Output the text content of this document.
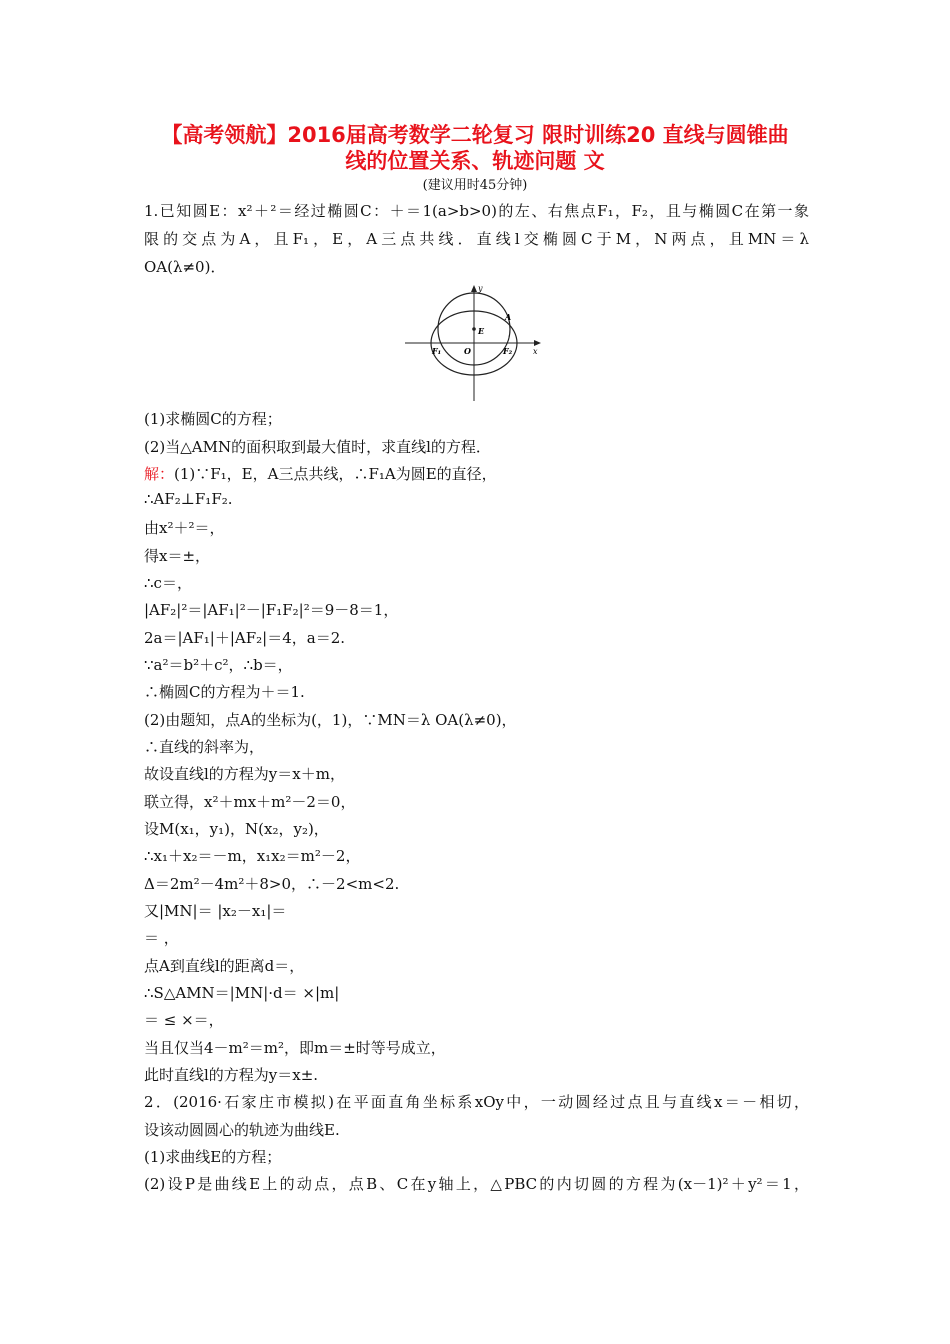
【高考领航】2016届高考数学二轮复习 限时训练20 直线与圆锥曲
线的位置关系、轨迹问题 文
(建议用时45分钟)
1.已知圆E：x²＋²＝经过椭圆C：＋＝1(a>b>0)的左、右焦点F₁，F₂，且与椭圆C在第一象
限的交点为A，且F₁，E，A三点共线．直线l交椭圆C于M，N两点，且MN＝λ
OA(λ≠0)．
E
A
O
F₁	F₂	x
y
(1)求椭圆C的方程；
(2)当△AMN的面积取到最大值时，求直线l的方程．
解：(1)∵F₁，E，A三点共线，∴F₁A为圆E的直径，
∴AF₂⊥F₁F₂.
由x²＋²＝，
得x＝±，
∴c＝，
|AF₂|²＝|AF₁|²－|F₁F₂|²＝9－8＝1，
2a＝|AF₁|＋|AF₂|＝4，a＝2.
∵a²＝b²＋c²，∴b＝，
∴椭圆C的方程为＋＝1.
(2)由题知，点A的坐标为(，1)，∵MN＝λ OA(λ≠0)，
∴直线的斜率为，
故设直线l的方程为y＝x＋m，
联立得，x²＋mx＋m²－2＝0，
设M(x₁，y₁)，N(x₂，y₂)，
∴x₁＋x₂＝－m，x₁x₂＝m²－2，
Δ＝2m²－4m²＋8>0，∴－2<m<2.
又|MN|＝ |x₂－x₁|＝
＝ ，
点A到直线l的距离d＝，
∴S△AMN＝|MN|·d＝ ×|m|
＝ ≤ ×＝，
当且仅当4－m²＝m²，即m＝±时等号成立，
此时直线l的方程为y＝x±.
2．(2016·石家庄市模拟)在平面直角坐标系xOy中，一动圆经过点且与直线x＝－相切，
设该动圆圆心的轨迹为曲线E.
(1)求曲线E的方程；
(2)设P是曲线E上的动点，点B、C在y轴上，△PBC的内切圆的方程为(x－1)²＋y²＝1，
